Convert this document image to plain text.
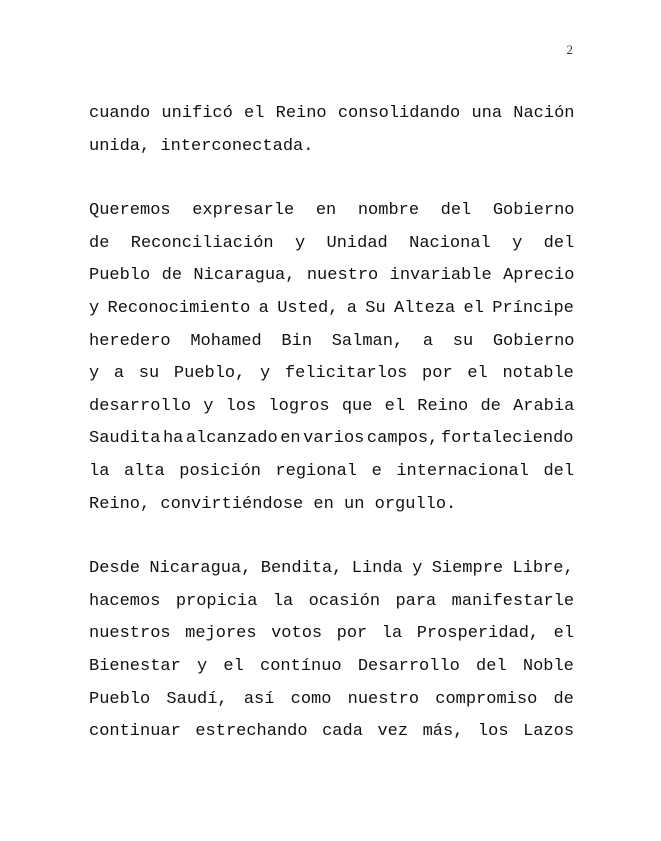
2

cuando unificó el Reino consolidando una Nación
unida, interconectada.

Queremos expresarle en nombre del Gobierno
de Reconciliación y Unidad Nacional y del
Pueblo de Nicaragua, nuestro invariable Aprecio
y Reconocimiento a Usted, a Su Alteza el Príncipe
heredero Mohamed Bin Salman, a su Gobierno
y a su Pueblo, y felicitarlos por el notable
desarrollo y los logros que el Reino de Arabia
Saudita ha alcanzado en varios campos, fortaleciendo
la alta posición regional e internacional del
Reino, convirtiéndose en un orgullo.

Desde Nicaragua, Bendita, Linda y Siempre Libre,
hacemos propicia la ocasión para manifestarle
nuestros mejores votos por la Prosperidad, el
Bienestar y el contínuo Desarrollo del Noble
Pueblo Saudí, así como nuestro compromiso de
continuar estrechando cada vez más, los Lazos
